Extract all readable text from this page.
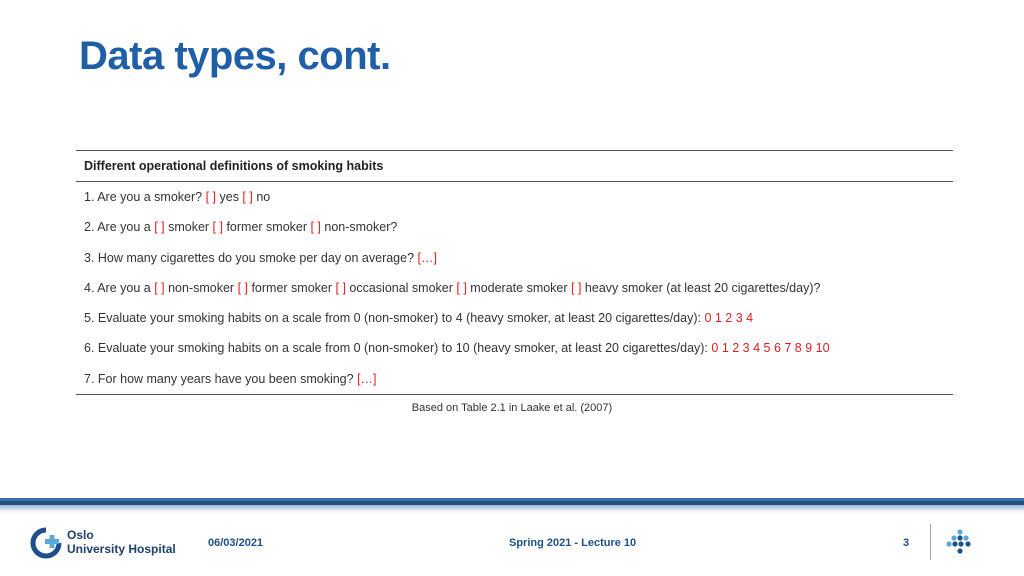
Data types, cont.
Different operational definitions of smoking habits
1. Are you a smoker? [ ] yes [ ] no
2. Are you a [ ] smoker [ ] former smoker [ ] non-smoker?
3. How many cigarettes do you smoke per day on average? […]
4. Are you a [ ] non-smoker [ ] former smoker [ ] occasional smoker [ ] moderate smoker [ ] heavy smoker (at least 20 cigarettes/day)?
5. Evaluate your smoking habits on a scale from 0 (non-smoker) to 4 (heavy smoker, at least 20 cigarettes/day): 0 1 2 3 4
6. Evaluate your smoking habits on a scale from 0 (non-smoker) to 10 (heavy smoker, at least 20 cigarettes/day): 0 1 2 3 4 5 6 7 8 9 10
7. For how many years have you been smoking? […]
Based on Table 2.1 in Laake et al. (2007)
Oslo
University Hospital	06/03/2021	Spring 2021 - Lecture 10	3
